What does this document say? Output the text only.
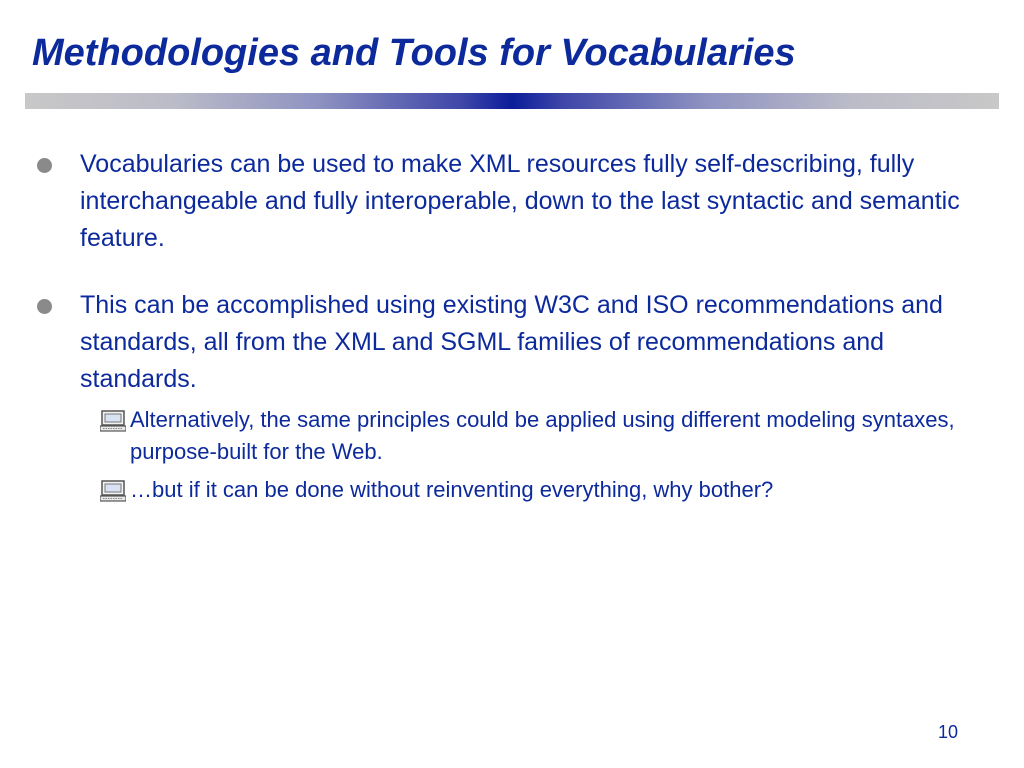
Methodologies and Tools for Vocabularies
Vocabularies can be used to make XML resources fully self-describing, fully interchangeable and fully interoperable, down to the last syntactic and semantic feature.
This can be accomplished using existing W3C and ISO recommendations and standards, all from the XML and SGML families of recommendations and standards.
Alternatively, the same principles could be applied using different modeling syntaxes, purpose-built for the Web.
…but if it can be done without reinventing everything, why bother?
10
